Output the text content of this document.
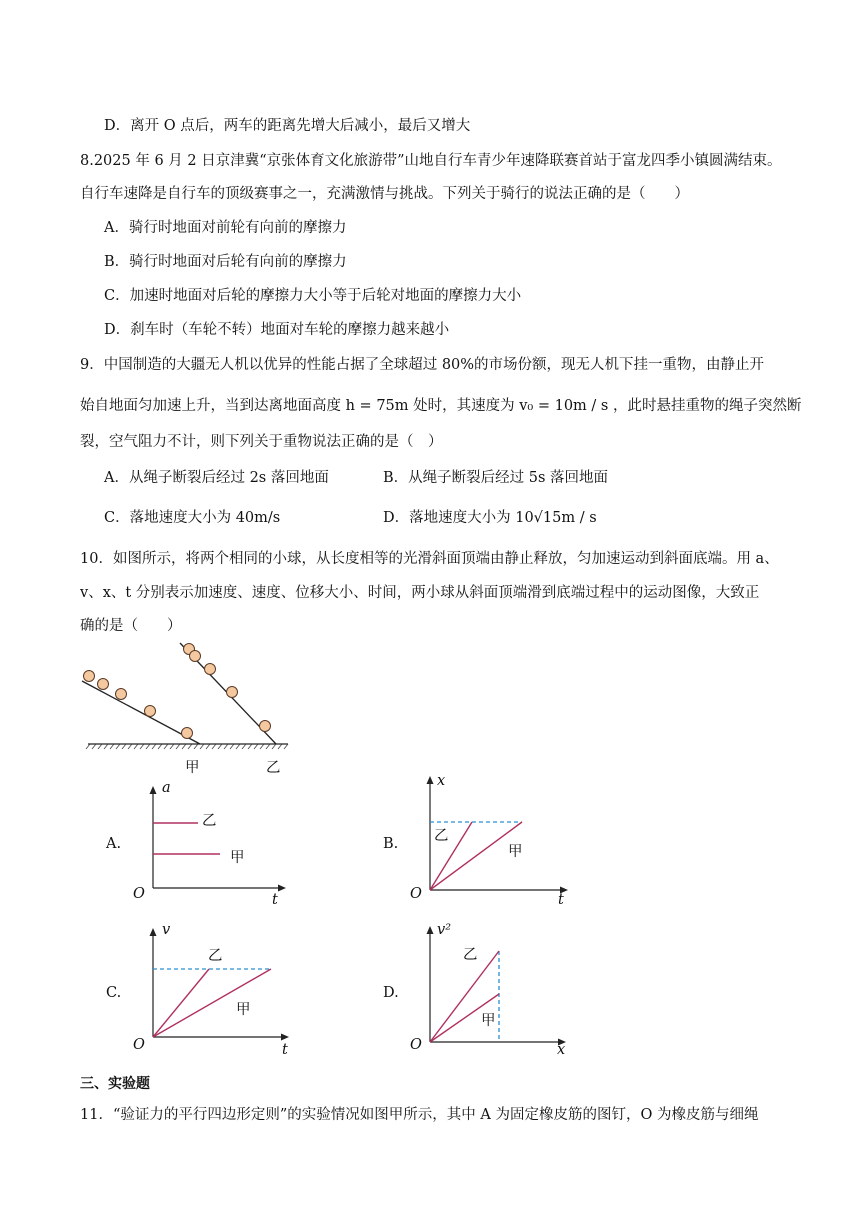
D．离开 O 点后，两车的距离先增大后减小，最后又增大
8.2025 年 6 月 2 日京津冀“京张体育文化旅游带”山地自行车青少年速降联赛首站于富龙四季小镇圆满结束。
自行车速降是自行车的顶级赛事之一，充满激情与挑战。下列关于骑行的说法正确的是（　　）
A．骑行时地面对前轮有向前的摩擦力
B．骑行时地面对后轮有向前的摩擦力
C．加速时地面对后轮的摩擦力大小等于后轮对地面的摩擦力大小
D．刹车时（车轮不转）地面对车轮的摩擦力越来越小
9．中国制造的大疆无人机以优异的性能占据了全球超过 80%的市场份额，现无人机下挂一重物，由静止开
始自地面匀加速上升，当到达离地面高度 h = 75m 处时，其速度为 v₀ = 10m / s ，此时悬挂重物的绳子突然断
裂，空气阻力不计，则下列关于重物说法正确的是（　）
A．从绳子断裂后经过 2s 落回地面	B．从绳子断裂后经过 5s 落回地面
C．落地速度大小为 40m/s	D．落地速度大小为 10√15m / s
10．如图所示，将两个相同的小球，从长度相等的光滑斜面顶端由静止释放，匀加速运动到斜面底端。用 a、
v、x、t 分别表示加速度、速度、位移大小、时间，两小球从斜面顶端滑到底端过程中的运动图像，大致正
确的是（　　）
甲	乙
A.
a
乙
甲
O	t
B.
x
乙
甲
O	t
C.
v
乙
甲
O	t
D.
v²
乙
甲
O	x
三、实验题
11．“验证力的平行四边形定则”的实验情况如图甲所示，其中 A 为固定橡皮筋的图钉，O 为橡皮筋与细绳
